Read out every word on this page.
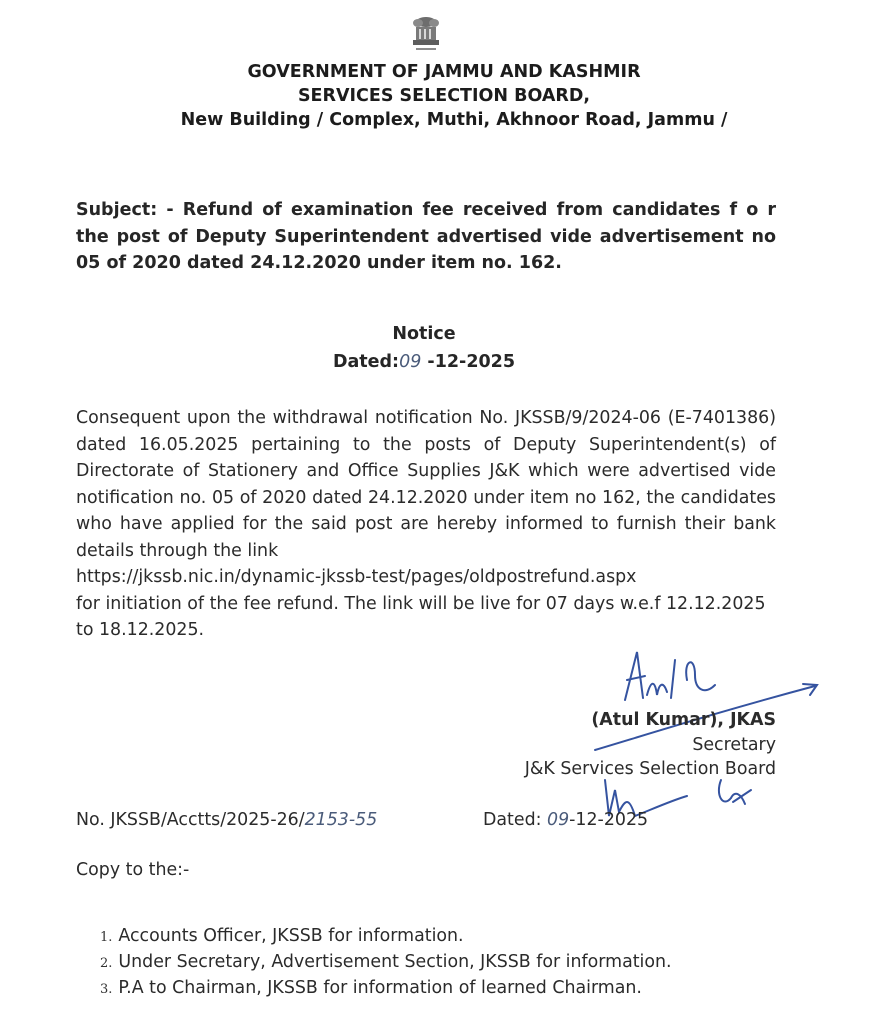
GOVERNMENT OF JAMMU AND KASHMIR
SERVICES SELECTION BOARD,
New Building / Complex, Muthi, Akhnoor Road, Jammu /
Subject: - Refund of examination fee received from candidates f o r the post of Deputy Superintendent advertised vide advertisement no 05 of 2020 dated 24.12.2020 under item no. 162.
Notice
Dated:09 -12-2025
Consequent upon the withdrawal notification No. JKSSB/9/2024-06 (E-7401386) dated 16.05.2025 pertaining to the posts of Deputy Superintendent(s) of Directorate of Stationery and Office Supplies J&K which were advertised vide notification no. 05 of 2020 dated 24.12.2020 under item no 162, the candidates who have applied for the said post are hereby informed to furnish their bank details through the link
https://jkssb.nic.in/dynamic-jkssb-test/pages/oldpostrefund.aspx
for initiation of the fee refund. The link will be live for 07 days w.e.f 12.12.2025 to 18.12.2025.
(Atul Kumar), JKAS
Secretary
J&K Services Selection Board
No. JKSSB/Acctts/2025-26/2153-55	Dated: 09-12-2025
Copy to the:-
1. Accounts Officer, JKSSB for information.
2. Under Secretary, Advertisement Section, JKSSB for information.
3. P.A to Chairman, JKSSB for information of learned Chairman.
